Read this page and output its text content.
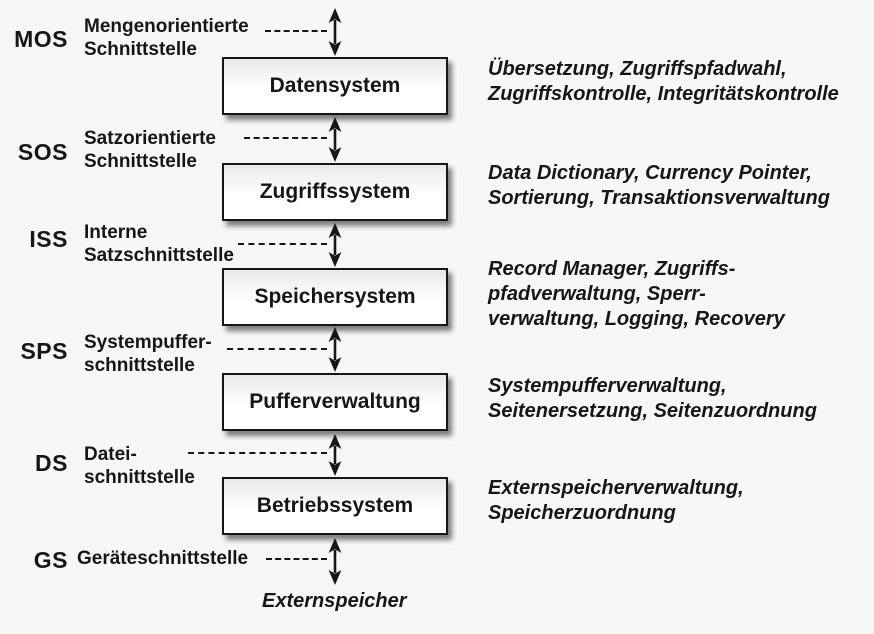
MOS Mengenorientierte
Schnittstelle
Datensystem
Übersetzung, Zugriffspfadwahl,
Zugriffskontrolle, Integritätskontrolle
SOS
Satzorientierte
Schnittstelle
Zugriffssystem
Data Dictionary, Currency Pointer,
Sortierung, Transaktionsverwaltung
ISS Interne
Satzschnittstelle
Speichersystem
Record Manager, Zugriffs-
pfadverwaltung, Sperr-
verwaltung, Logging, Recovery
SPS Systempuffer-
schnittstelle
Pufferverwaltung
Systempufferverwaltung,
Seitenersetzung, Seitenzuordnung
DS Datei-
schnittstelle
Betriebssystem
Externspeicherverwaltung,
Speicherzuordnung
GS Geräteschnittstelle
Externspeicher
